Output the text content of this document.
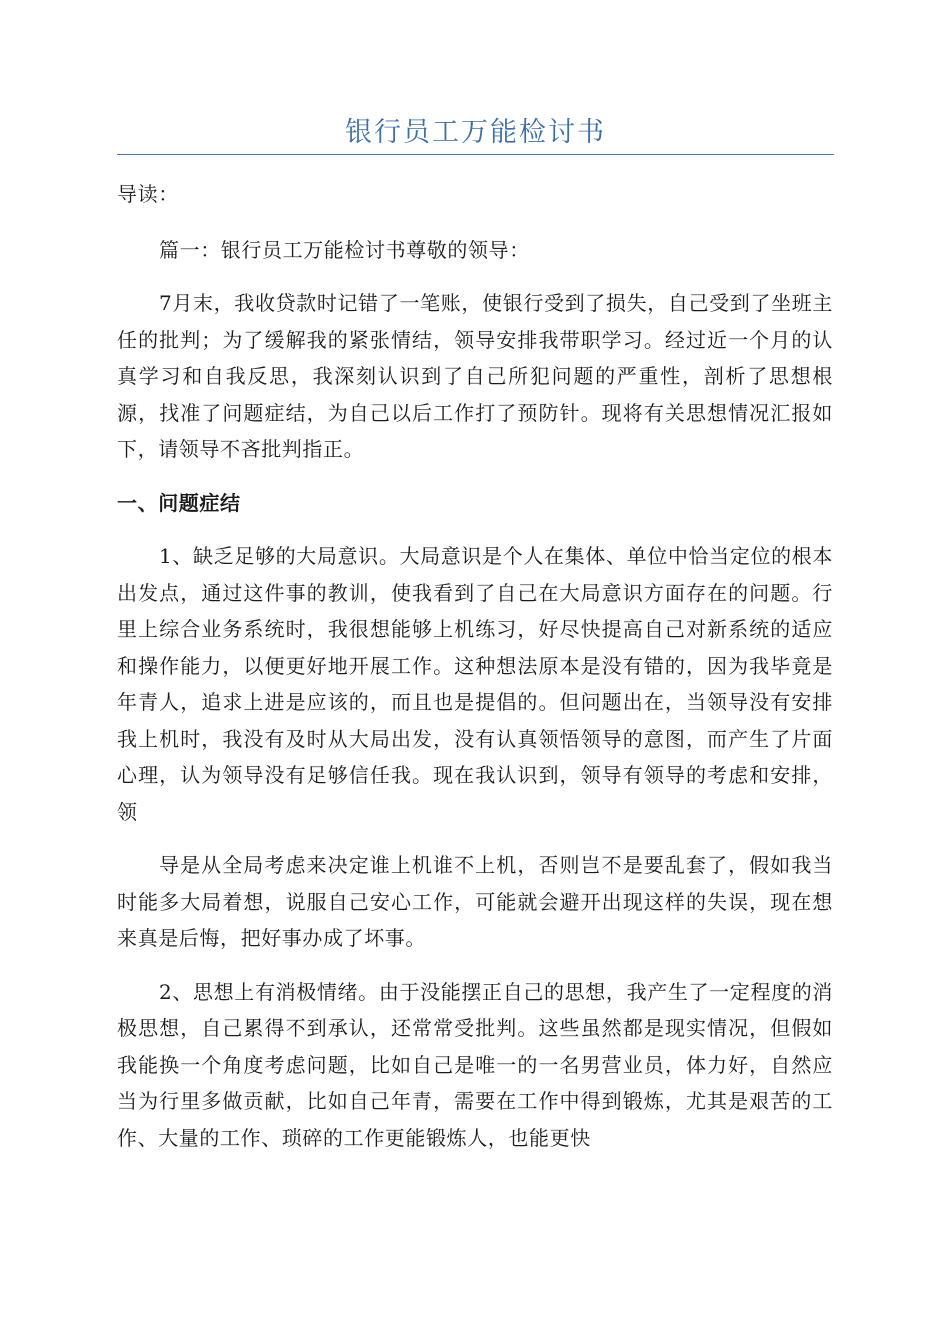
银行员工万能检讨书

导读：

篇一：银行员工万能检讨书尊敬的领导：

7月末，我收贷款时记错了一笔账，使银行受到了损失，自己受到了坐班主任的批判；为了缓解我的紧张情结，领导安排我带职学习。经过近一个月的认真学习和自我反思，我深刻认识到了自己所犯问题的严重性，剖析了思想根源，找准了问题症结，为自己以后工作打了预防针。现将有关思想情况汇报如下，请领导不吝批判指正。

一、问题症结

1、缺乏足够的大局意识。大局意识是个人在集体、单位中恰当定位的根本出发点，通过这件事的教训，使我看到了自己在大局意识方面存在的问题。行里上综合业务系统时，我很想能够上机练习，好尽快提高自己对新系统的适应和操作能力，以便更好地开展工作。这种想法原本是没有错的，因为我毕竟是年青人，追求上进是应该的，而且也是提倡的。但问题出在，当领导没有安排我上机时，我没有及时从大局出发，没有认真领悟领导的意图，而产生了片面心理，认为领导没有足够信任我。现在我认识到，领导有领导的考虑和安排，领

导是从全局考虑来决定谁上机谁不上机，否则岂不是要乱套了，假如我当时能多大局着想，说服自己安心工作，可能就会避开出现这样的失误，现在想来真是后悔，把好事办成了坏事。

2、思想上有消极情绪。由于没能摆正自己的思想，我产生了一定程度的消极思想，自己累得不到承认，还常常受批判。这些虽然都是现实情况，但假如我能换一个角度考虑问题，比如自己是唯一的一名男营业员，体力好，自然应当为行里多做贡献，比如自己年青，需要在工作中得到锻炼，尤其是艰苦的工作、大量的工作、琐碎的工作更能锻炼人，也能更快
